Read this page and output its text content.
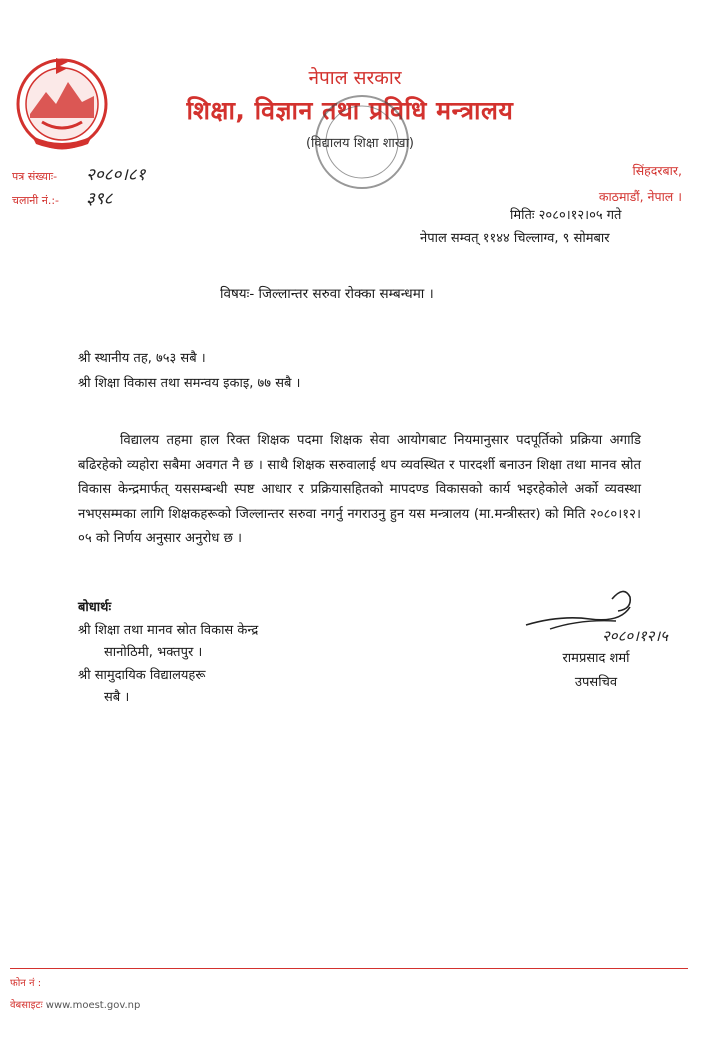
नेपाल सरकार
शिक्षा, विज्ञान तथा प्रविधि मन्त्रालय
(विद्यालय शिक्षा शाखा)
पत्र संख्याः-	२०८०।८१
चलानी नं.:-	३९८
सिंहदरबार,
काठमाडौं, नेपाल ।
मितिः २०८०।१२।०५ गते
नेपाल सम्वत् ११४४ चिल्लाग्व, ९ सोमबार
विषयः- जिल्लान्तर सरुवा रोक्का सम्बन्धमा ।
श्री स्थानीय तह, ७५३ सबै ।
श्री शिक्षा विकास तथा समन्वय इकाइ, ७७ सबै ।
विद्यालय तहमा हाल रिक्त शिक्षक पदमा शिक्षक सेवा आयोगबाट नियमानुसार पदपूर्तिको प्रक्रिया अगाडि बढिरहेको व्यहोरा सबैमा अवगत नै छ । साथै शिक्षक सरुवालाई थप व्यवस्थित र पारदर्शी बनाउन शिक्षा तथा मानव स्रोत विकास केन्द्रमार्फत् यससम्बन्धी स्पष्ट आधार र प्रक्रियासहितको मापदण्ड विकासको कार्य भइरहेकोले अर्को व्यवस्था नभएसम्मका लागि शिक्षकहरूको जिल्लान्तर सरुवा नगर्नु नगराउनु हुन यस मन्त्रालय (मा.मन्त्रीस्तर) को मिति २०८०।१२।०५ को निर्णय अनुसार अनुरोध छ ।
बोधार्थः
श्री शिक्षा तथा मानव स्रोत विकास केन्द्र
सानोठिमी, भक्तपुर ।
श्री सामुदायिक विद्यालयहरू
सबै ।
२०८०।१२।५
रामप्रसाद शर्मा
उपसचिव
फोन नं :
वेबसाइटः www.moest.gov.np
